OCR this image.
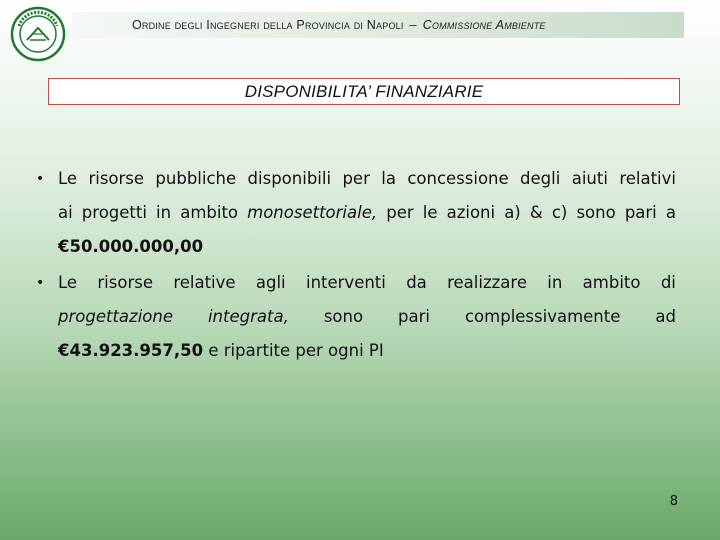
Ordine degli Ingegneri della Provincia di Napoli – Commissione Ambiente
DISPONIBILITA’ FINANZIARIE
• Le risorse pubbliche disponibili per la concessione degli aiuti relativi
ai progetti in ambito monosettoriale, per le azioni a) & c) sono pari a
€50.000.000,00
• Le risorse relative agli interventi da realizzare in ambito di
progettazione integrata, sono pari complessivamente ad
€43.923.957,50 e ripartite per ogni PI
8
